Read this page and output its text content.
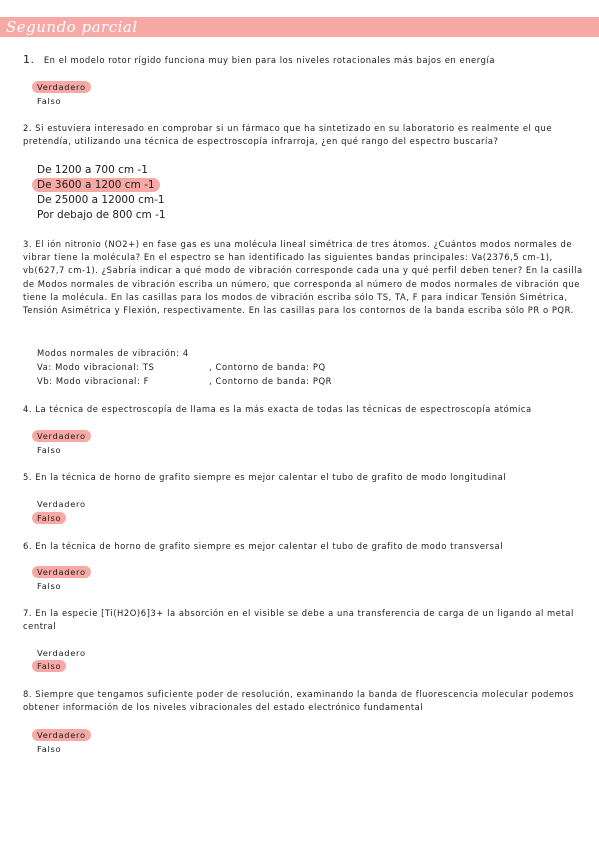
Segundo parcial
1. En el modelo rotor rígido funciona muy bien para los niveles rotacionales más bajos en energía
Verdadero
Falso
2. Si estuviera interesado en comprobar si un fármaco que ha sintetizado en su laboratorio es realmente el que pretendía, utilizando una técnica de espectroscopía infrarroja, ¿en qué rango del espectro buscaría?
De 1200 a 700 cm -1
De 3600 a 1200 cm -1
De 25000 a 12000 cm-1
Por debajo de 800 cm -1
3. El ión nitronio (NO2+) en fase gas es una molécula lineal simétrica de tres átomos. ¿Cuántos modos normales de vibrar tiene la molécula? En el espectro se han identificado las siguientes bandas principales: Va(2376,5 cm-1), vb(627,7 cm-1). ¿Sabría indicar a qué modo de vibración corresponde cada una y qué perfil deben tener? En la casilla de Modos normales de vibración escriba un número, que corresponda al número de modos normales de vibración que tiene la molécula. En las casillas para los modos de vibración escriba sólo TS, TA, F para indicar Tensión Simétrica, Tensión Asimétrica y Flexión, respectivamente. En las casillas para los contornos de la banda escriba sólo PR o PQR.
Modos normales de vibración: 4
Va: Modo vibracional: TS	, Contorno de banda: PQ
Vb: Modo vibracional: F	, Contorno de banda: PQR
4. La técnica de espectroscopía de llama es la más exacta de todas las técnicas de espectroscopía atómica
Verdadero
Falso
5. En la técnica de horno de grafito siempre es mejor calentar el tubo de grafito de modo longitudinal
Verdadero
Falso
6. En la técnica de horno de grafito siempre es mejor calentar el tubo de grafito de modo transversal
Verdadero
Falso
7. En la especie [Ti(H2O)6]3+ la absorción en el visible se debe a una transferencia de carga de un ligando al metal central
Verdadero
Falso
8. Siempre que tengamos suficiente poder de resolución, examinando la banda de fluorescencia molecular podemos obtener información de los niveles vibracionales del estado electrónico fundamental
Verdadero
Falso
